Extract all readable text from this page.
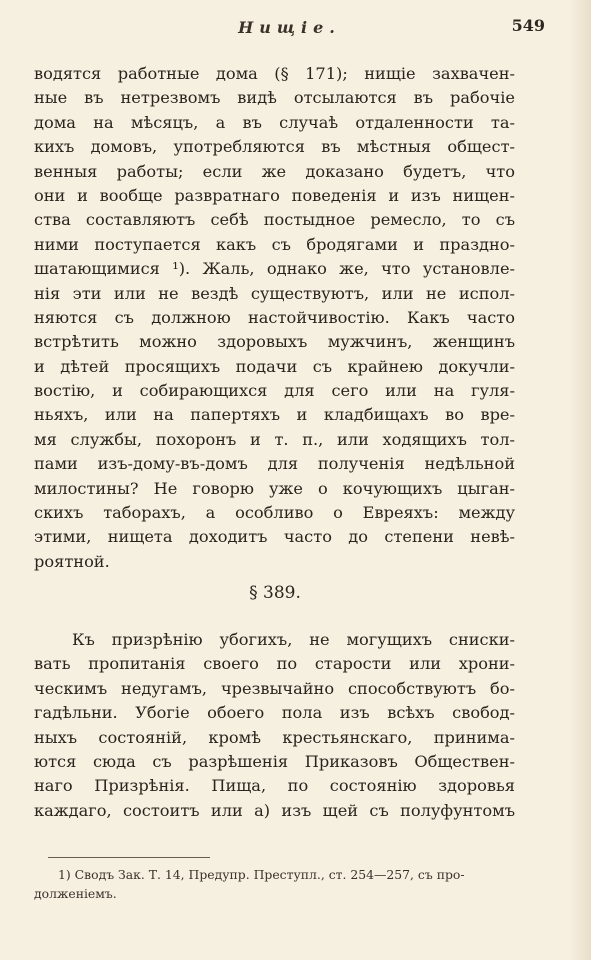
Нищіе.	549
водятся работные дома (§ 171); нищіе захвачен-
ные въ нетрезвомъ видѣ отсылаются въ рабочіе
дома на мѣсяцъ, а въ случаѣ отдаленности та-
кихъ домовъ, употребляются въ мѣстныя общест-
венныя работы; если же доказано будетъ, что
они и вообще развратнаго поведенія и изъ нищен-
ства составляютъ себѣ постыдное ремесло, то съ
ними поступается какъ съ бродягами и праздно-
шатающимися ¹). Жаль, однако же, что установле-
нія эти или не вездѣ существуютъ, или не испол-
няются съ должною настойчивостію. Какъ часто
встрѣтить можно здоровыхъ мужчинъ, женщинъ
и дѣтей просящихъ подачи съ крайнею докучли-
востію, и собирающихся для сего или на гуля-
ньяхъ, или на папертяхъ и кладбищахъ во вре-
мя службы, похоронъ и т. п., или ходящихъ тол-
пами изъ-дому-въ-домъ для полученія недѣльной
милостины? Не говорю уже о кочующихъ цыган-
скихъ таборахъ, а особливо о Евреяхъ: между
этими, нищета доходитъ часто до степени невѣ-
роятной.
§ 389.
Къ призрѣнію убогихъ, не могущихъ сниски-
вать пропитанія своего по старости или хрони-
ческимъ недугамъ, чрезвычайно способствуютъ бо-
гадѣльни. Убогіе обоего пола изъ всѣхъ свобод-
ныхъ состояній, кромѣ крестьянскаго, принима-
ются сюда съ разрѣшенія Приказовъ Обществен-
наго Призрѣнія. Пища, по состоянію здоровья
каждаго, состоитъ или а) изъ щей съ полуфунтомъ
1) Сводъ Зак. Т. 14, Предупр. Преступл., ст. 254—257, съ про-
долженіемъ.
